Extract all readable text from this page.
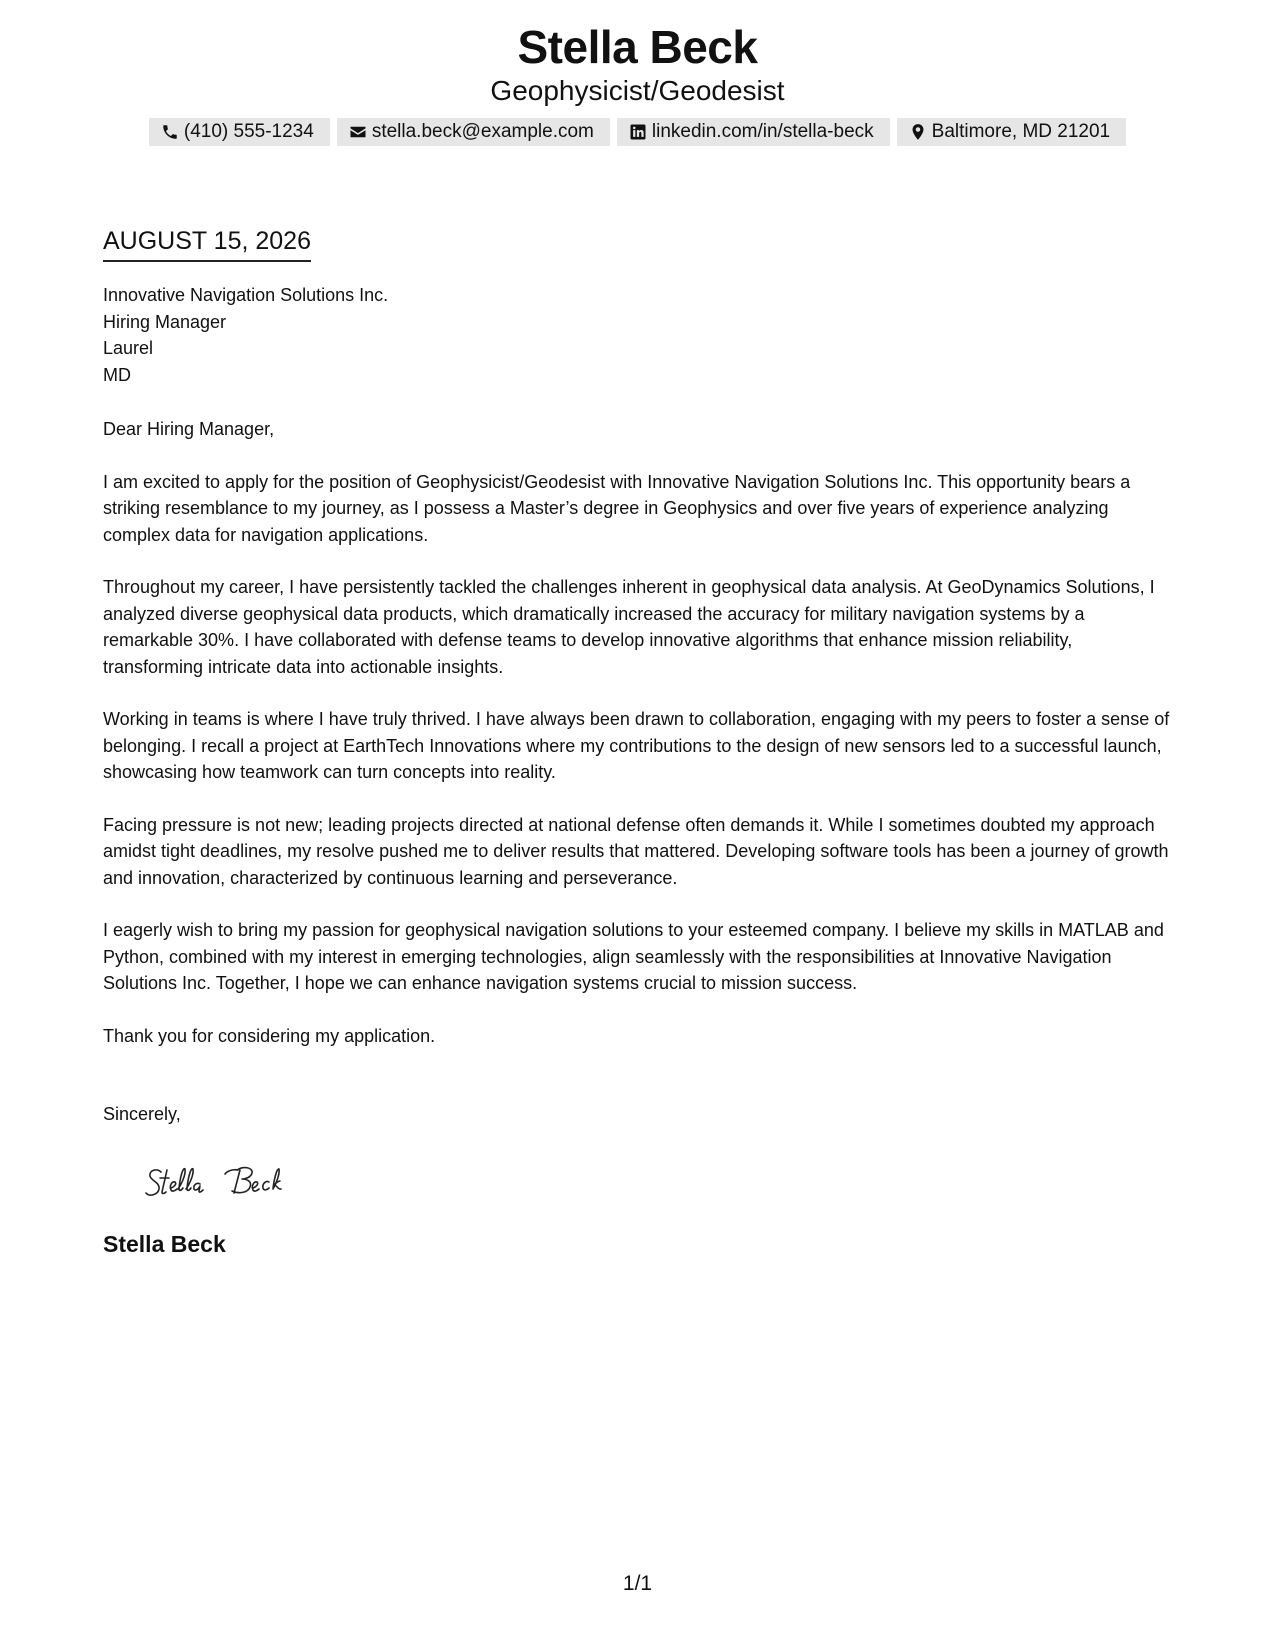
Stella Beck
Geophysicist/Geodesist
(410) 555-1234	stella.beck@example.com	linkedin.com/in/stella-beck	Baltimore, MD 21201
AUGUST 15, 2026
Innovative Navigation Solutions Inc.
Hiring Manager
Laurel
MD
Dear Hiring Manager,

I am excited to apply for the position of Geophysicist/Geodesist with Innovative Navigation Solutions Inc. This opportunity bears a striking resemblance to my journey, as I possess a Master’s degree in Geophysics and over five years of experience analyzing complex data for navigation applications.

Throughout my career, I have persistently tackled the challenges inherent in geophysical data analysis. At GeoDynamics Solutions, I analyzed diverse geophysical data products, which dramatically increased the accuracy for military navigation systems by a remarkable 30%. I have collaborated with defense teams to develop innovative algorithms that enhance mission reliability, transforming intricate data into actionable insights.

Working in teams is where I have truly thrived. I have always been drawn to collaboration, engaging with my peers to foster a sense of belonging. I recall a project at EarthTech Innovations where my contributions to the design of new sensors led to a successful launch, showcasing how teamwork can turn concepts into reality.

Facing pressure is not new; leading projects directed at national defense often demands it. While I sometimes doubted my approach amidst tight deadlines, my resolve pushed me to deliver results that mattered. Developing software tools has been a journey of growth and innovation, characterized by continuous learning and perseverance.

I eagerly wish to bring my passion for geophysical navigation solutions to your esteemed company. I believe my skills in MATLAB and Python, combined with my interest in emerging technologies, align seamlessly with the responsibilities at Innovative Navigation Solutions Inc. Together, I hope we can enhance navigation systems crucial to mission success.

Thank you for considering my application.
Sincerely,
Stella Beck
1/1
